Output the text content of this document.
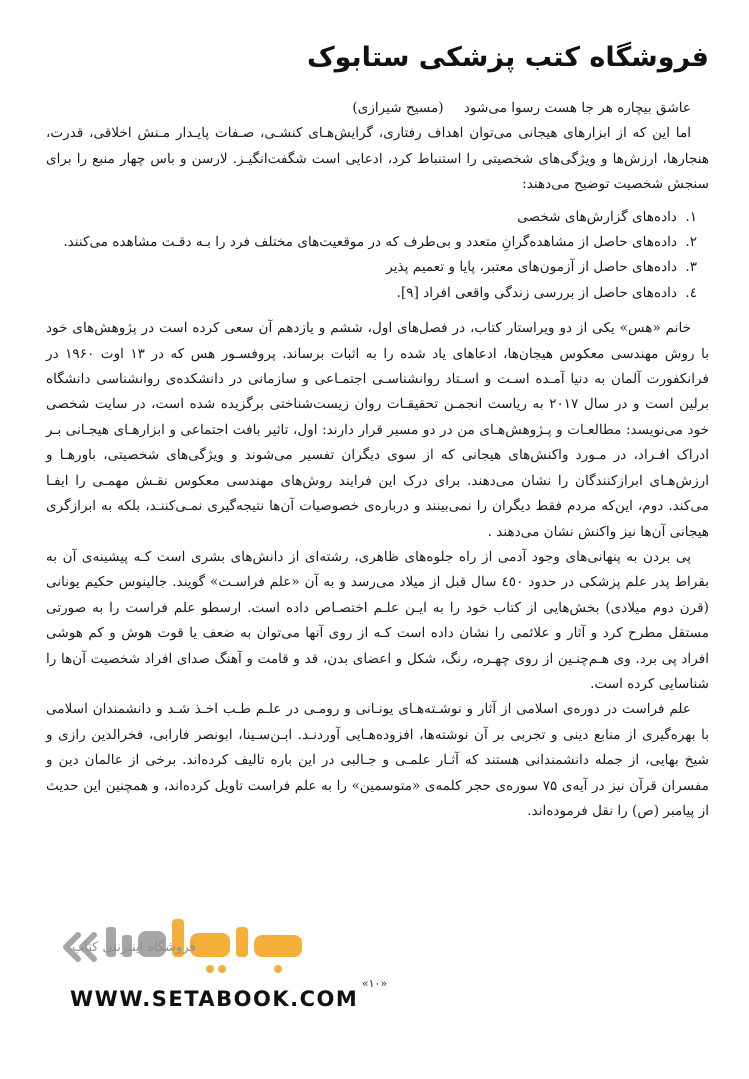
فروشگاه کتب پزشکی ستابوک

عاشق بیچاره هر جا هست رسوا می‌شود (مسیح شیرازی)

اما این که از ابزارهای هیجانی می‌توان اهداف رفتاری، گرایش‌هـای کنشـی، صـفات پایـدار مـنش اخلاقی، قدرت، هنجارها، ارزش‌ها و ویژگی‌های شخصیتی را استنباط کرد، ادعایی است شگفت‌انگیـز. لارسن و باس چهار منبع را برای سنجش شخصیت توضیح می‌دهند:

۱.
داده‌های گزارش‌های شخصی
۲.
داده‌های حاصل از مشاهده‌گرانِ متعدد و بی‌طرف که در موقعیت‌های مختلف فرد را بـه دقـت مشاهده می‌کنند.
۳.
داده‌های حاصل از آزمون‌های معتبر، پایا و تعمیم پذیر
٤.
داده‌های حاصل از بررسی زندگی واقعی افراد [۹].

خانم «هس» یکی از دو ویراستار کتاب، در فصل‌های اول، ششم و یازدهم آن سعی کرده است در پژوهش‌های خود با روش مهندسی معکوس هیجان‌ها، ادعاهای یاد شده را به اثبات برساند. پروفسـور هس که در ۱۳ اوت ۱۹۶۰ در فرانکفورت آلمان به دنیا آمـده اسـت و اسـتاد روانشناسـی اجتمـاعی و سازمانی در دانشکده‌ی روانشناسی دانشگاه برلین است و در سال ۲۰۱۷ به ریاست انجمـن تحقیقـات روان زیست‌شناختی برگزیده شده است، در سایت شخصی خود می‌نویسد: مطالعـات و پـژوهش‌هـای من در دو مسیر قرار دارند: اول، تاثیر بافت اجتماعی و ابزارهـای هیجـانی بـر ادراک افـراد، در مـورد واکنش‌های هیجانی که از سوی دیگران تفسیر می‌شوند و ویژگی‌های شخصیتی، باورهـا و ارزش‌هـای ابرازکنندگان را نشان می‌دهند. برای درک این فرایند روش‌های مهندسی معکوس نقـش مهمـی را ایفـا می‌کند. دوم، این‌که مردم فقط دیگران را نمی‌بینند و درباره‌ی خصوصیات آن‌ها نتیجه‌گیری نمـی‌کننـد، بلکه به ابرازگری هیجانی آن‌ها نیز واکنش نشان می‌دهند .

پی بردن به پنهانی‌های وجود آدمی از راه جلوه‌های ظاهری، رشته‌ای از دانش‌های بشری است کـه پیشینه‌ی آن به بقراط پدر علم پزشکی در حدود ٤٥٠ سال قبل از میلاد می‌رسد و به آن «علم فراسـت» گویند. جالینوس حکیم یونانی (قرن دوم میلادی) بخش‌هایی از کتاب خود را به ایـن علـم اختصـاص داده است. ارسطو علم فراست را به صورتی مستقل مطرح کرد و آثار و علائمی را نشان داده است کـه از روی آنها می‌توان به ضعف یا قوت هوش و کم هوشی افراد پی برد. وی هـم‌چنـین از روی چهـره، رنگ، شکل و اعضای بدن، قد و قامت و آهنگ صدای افراد شخصیت آن‌ها را شناسایی کرده است.

علم فراست در دوره‌ی اسلامی از آثار و نوشـته‌هـای یونـانی و رومـی در علـم طـب اخـذ شـد و دانشمندان اسلامی با بهره‌گیری از منابع دینی و تجربی بر آن نوشته‌ها، افزوده‌هـایی آوردنـد. ابـن‌سـینا، ابونصر فارابی، فخرالدین رازی و شیخ بهایی، از جمله دانشمندانی هستند که آثـار علمـی و جـالبی در این باره تالیف کرده‌اند. برخی از عالمان دین و مفسران قرآن نیز در آیه‌ی ۷۵ سوره‌ی حجر کلمه‌ی «متوسمین» را به علم فراست تاویل کرده‌اند، و همچنین این حدیث از پیامبر (ص) را نقل فرموده‌اند.

فروشگاه اینترنتی کتاب
«۱۰»
WWW.SETABOOK.COM
